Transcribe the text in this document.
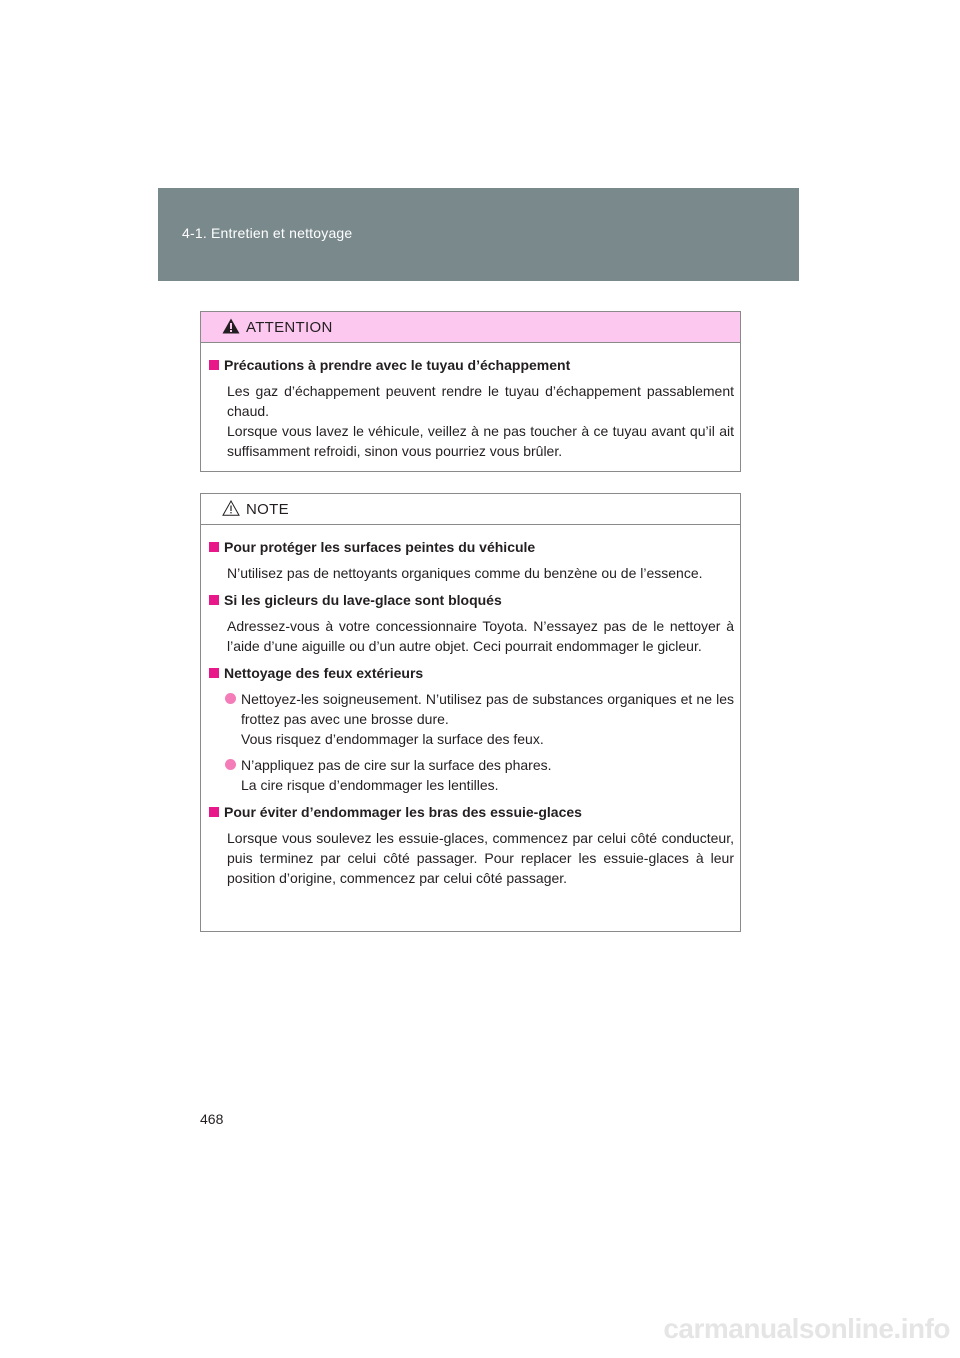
4-1. Entretien et nettoyage
ATTENTION
Précautions à prendre avec le tuyau d’échappement

Les gaz d’échappement peuvent rendre le tuyau d’échappement passablement chaud.

Lorsque vous lavez le véhicule, veillez à ne pas toucher à ce tuyau avant qu’il ait suffisamment refroidi, sinon vous pourriez vous brûler.

NOTE
Pour protéger les surfaces peintes du véhicule

N’utilisez pas de nettoyants organiques comme du benzène ou de l’essence.

Si les gicleurs du lave-glace sont bloqués

Adressez-vous à votre concessionnaire Toyota. N’essayez pas de le nettoyer à l’aide d’une aiguille ou d’un autre objet. Ceci pourrait endommager le gicleur.

Nettoyage des feux extérieurs

Nettoyez-les soigneusement. N’utilisez pas de substances organiques et ne les frottez pas avec une brosse dure.

Vous risquez d’endommager la surface des feux.

N’appliquez pas de cire sur la surface des phares.

La cire risque d’endommager les lentilles.

Pour éviter d’endommager les bras des essuie-glaces

Lorsque vous soulevez les essuie-glaces, commencez par celui côté conducteur, puis terminez par celui côté passager. Pour replacer les essuie-glaces à leur position d’origine, commencez par celui côté passager.

468
carmanualsonline.info
